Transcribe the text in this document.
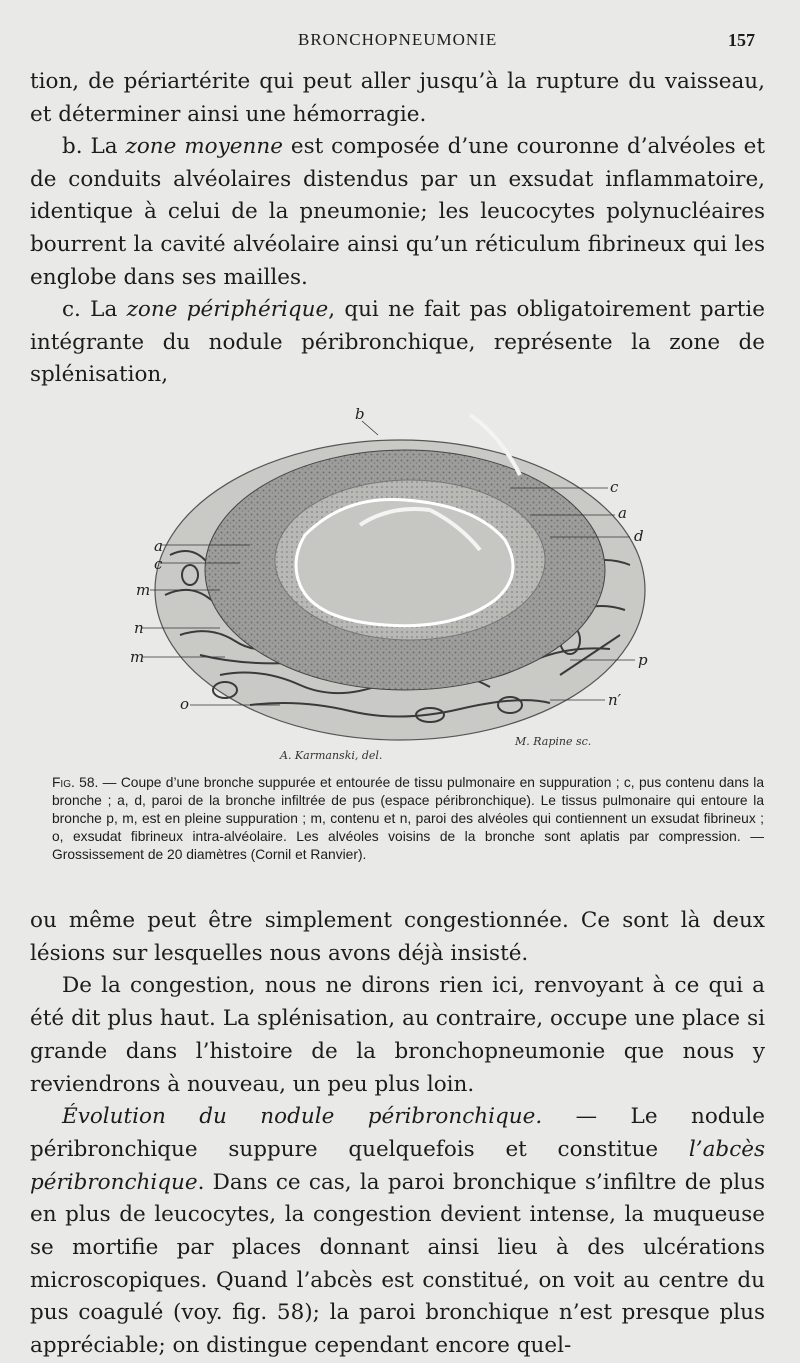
BRONCHOPNEUMONIE	157

tion, de périartérite qui peut aller jusqu’à la rupture du vaisseau, et déterminer ainsi une hémorragie.

b. La zone moyenne est composée d’une couronne d’alvéoles et de conduits alvéolaires distendus par un exsudat inflammatoire, identique à celui de la pneumonie; les leucocytes polynucléaires bourrent la cavité alvéolaire ainsi qu’un réticulum fibrineux qui les englobe dans ses mailles.

c. La zone périphérique, qui ne fait pas obligatoirement partie intégrante du nodule péribronchique, représente la zone de splénisation,

a
c
m
n
m
o
c
a
d
p
n′
b
A. Karmanski, del.
M. Rapine sc.
Fig. 58. — Coupe d’une bronche suppurée et entourée de tissu pulmonaire en suppuration ; c, pus contenu dans la bronche ; a, d, paroi de la bronche infiltrée de pus (espace péribronchique). Le tissus pulmonaire qui entoure la bronche p, m, est en pleine suppuration ; m, contenu et n, paroi des alvéoles qui contiennent un exsudat fibrineux ; o, exsudat fibrineux intra-alvéolaire. Les alvéoles voisins de la bronche sont aplatis par compression. — Grossissement de 20 diamètres (Cornil et Ranvier).

ou même peut être simplement congestionnée. Ce sont là deux lésions sur lesquelles nous avons déjà insisté.

De la congestion, nous ne dirons rien ici, renvoyant à ce qui a été dit plus haut. La splénisation, au contraire, occupe une place si grande dans l’histoire de la bronchopneumonie que nous y reviendrons à nouveau, un peu plus loin.

Évolution du nodule péribronchique. — Le nodule péribronchique suppure quelquefois et constitue l’abcès péribronchique. Dans ce cas, la paroi bronchique s’infiltre de plus en plus de leucocytes, la congestion devient intense, la muqueuse se mortifie par places donnant ainsi lieu à des ulcérations microscopiques. Quand l’abcès est constitué, on voit au centre du pus coagulé (voy. fig. 58); la paroi bronchique n’est presque plus appréciable; on distingue cependant encore quel-
